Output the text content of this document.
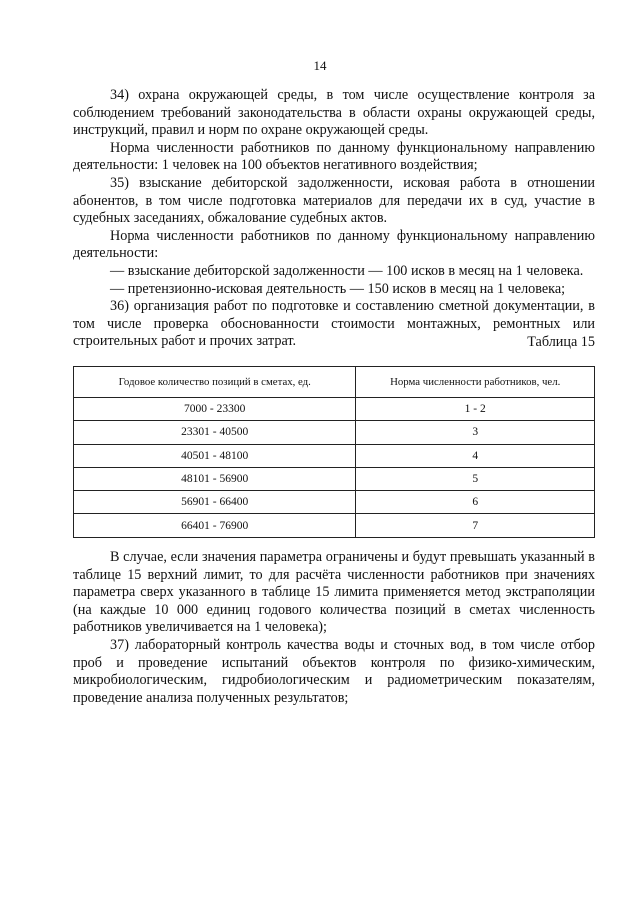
14

34) охрана окружающей среды, в том числе осуществление контроля за соблюдением требований законодательства в области охраны окружающей среды, инструкций, правил и норм по охране окружающей среды.

Норма численности работников по данному функциональному направлению деятельности: 1 человек на 100 объектов негативного воздействия;

35) взыскание дебиторской задолженности, исковая работа в отношении абонентов, в том числе подготовка материалов для передачи их в суд, участие в судебных заседаниях, обжалование судебных актов.

Норма численности работников по данному функциональному направлению деятельности:

— взыскание дебиторской задолженности — 100 исков в месяц на 1 человека.

— претензионно-исковая деятельность — 150 исков в месяц на 1 человека;

36) организация работ по подготовке и составлению сметной документации, в том числе проверка обоснованности стоимости монтажных, ремонтных или строительных работ и прочих затрат.	Таблица 15
Годовое количество позиций в сметах, ед.	Норма численности работников, чел.
7000 - 23300	1 - 2
23301 - 40500	3
40501 - 48100	4
48101 - 56900	5
56901 - 66400	6
66401 - 76900	7

В случае, если значения параметра ограничены и будут превышать указанный в таблице 15 верхний лимит, то для расчёта численности работников при значениях параметра сверх указанного в таблице 15 лимита применяется метод экстраполяции (на каждые 10 000 единиц годового количества позиций в сметах численность работников увеличивается на 1 человека);

37) лабораторный контроль качества воды и сточных вод, в том числе отбор проб и проведение испытаний объектов контроля по физико-химическим, микробиологическим, гидробиологическим и радиометрическим показателям, проведение анализа полученных результатов;
